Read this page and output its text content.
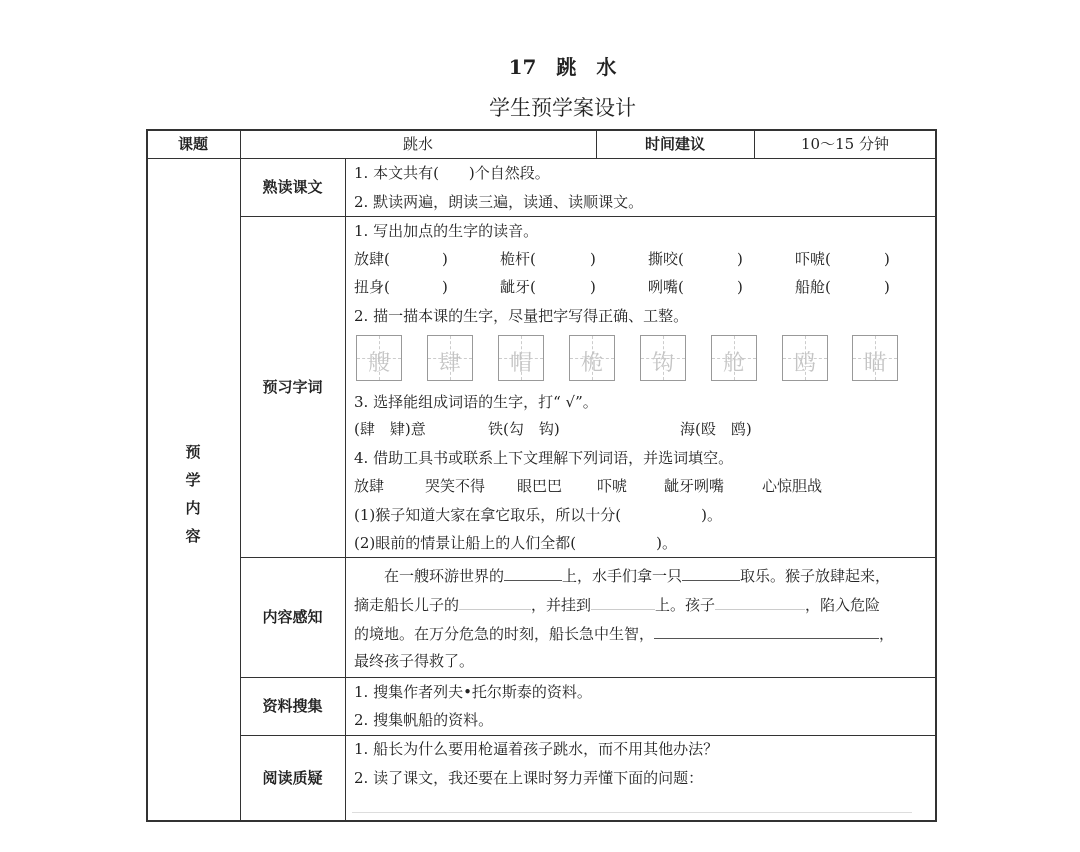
17　跳　水
学生预学案设计
课题	跳水	时间建议	10～15 分钟
预
学
内
容
熟读课文
1. 本文共有(　　)个自然段。
2. 默读两遍，朗读三遍，读通、读顺课文。
预习字词
1. 写出加点的生字的读音。
放肆(	)	桅杆(	)	撕咬(	)	吓唬(	)
扭身(	)	龇牙(	)	咧嘴(	)	船舱(	)
2. 描一描本课的生字，尽量把字写得正确、工整。
艘	肆	帽	桅	钩	舱	鸥	瞄
3. 选择能组成词语的生字，打“ √”。
(肆　肄)意	铁(勾　钩)	海(殴　鸥)
4. 借助工具书或联系上下文理解下列词语，并选词填空。
放肆	哭笑不得 眼巴巴 吓唬 龇牙咧嘴	心惊胆战
(1)猴子知道大家在拿它取乐，所以十分(	)。
(2)眼前的情景让船上的人们全都(	)。
内容感知
在一艘环游世界的	上，水手们拿一只	取乐。猴子放肆起来，
摘走船长儿子的	，并挂到	上。孩子	，陷入危险
的境地。在万分危急的时刻，船长急中生智，	，
最终孩子得救了。
资料搜集
1. 搜集作者列夫•托尔斯泰的资料。
2. 搜集帆船的资料。
阅读质疑
1. 船长为什么要用枪逼着孩子跳水，而不用其他办法？
2. 读了课文，我还要在上课时努力弄懂下面的问题：
